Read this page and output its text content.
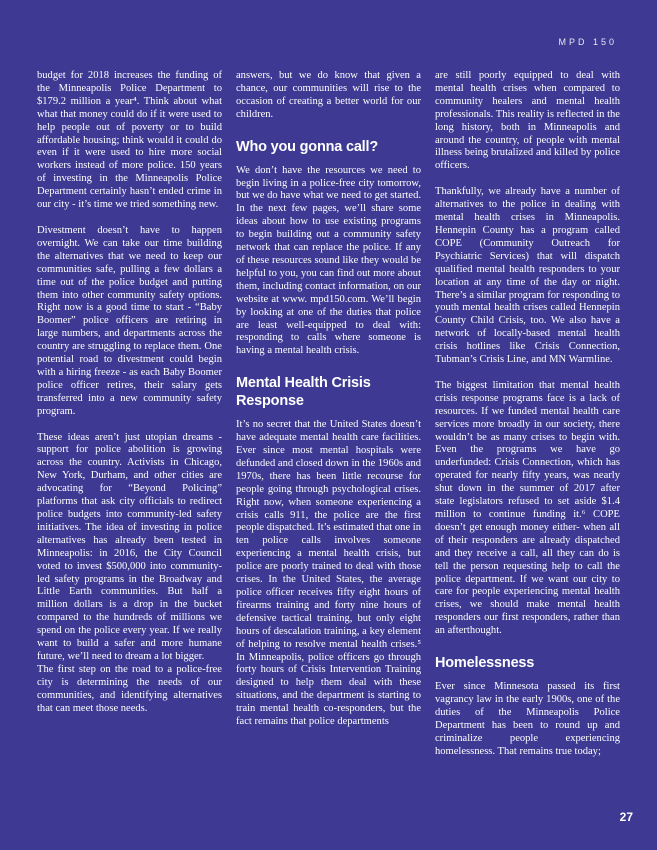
MPD 150

budget for 2018 increases the funding of the Minneapolis Police Department to $179.2 million a year⁴. Think about what what that money could do if it were used to help people out of poverty or to build affordable housing; think would it could do even if it were used to hire more social workers instead of more police. 150 years of investing in the Minneapolis Police Department certainly hasn’t ended crime in our city - it’s time we tried something new.

Divestment doesn’t have to happen overnight. We can take our time building the alternatives that we need to keep our communities safe, pulling a few dollars a time out of the police budget and putting them into other community safety options. Right now is a good time to start - “Baby Boomer” police officers are retiring in large numbers, and departments across the country are struggling to replace them. One potential road to divestment could begin with a hiring freeze - as each Baby Boomer police officer retires, their salary gets transferred into a new community safety program.

These ideas aren’t just utopian dreams - support for police abolition is growing across the country. Activists in Chicago, New York, Durham, and other cities are advocating for “Beyond Policing” platforms that ask city officials to redirect police budgets into community-led safety initiatives. The idea of investing in police alternatives has already been tested in Minneapolis: in 2016, the City Council voted to invest $500,000 into community-led safety programs in the Broadway and Little Earth communities. But half a million dollars is a drop in the bucket compared to the hundreds of millions we spend on the police every year. If we really want to build a safer and more humane future, we’ll need to dream a lot bigger.

The first step on the road to a police-free city is determining the needs of our communities, and identifying alternatives that can meet those needs.

answers, but we do know that given a chance, our communities will rise to the occasion of creating a better world for our children.

Who you gonna call?

We don’t have the resources we need to begin living in a police-free city tomorrow, but we do have what we need to get started. In the next few pages, we’ll share some ideas about how to use existing programs to begin building out a community safety network that can replace the police. If any of these resources sound like they would be helpful to you, you can find out more about them, including contact information, on our website at www. mpd150.com. We’ll begin by looking at one of the duties that police are least well-equipped to deal with: responding to calls where someone is having a mental health crisis.

Mental Health Crisis Response

It’s no secret that the United States doesn’t have adequate mental health care facilities. Ever since most mental hospitals were defunded and closed down in the 1960s and 1970s, there has been little recourse for people going through psychological crises. Right now, when someone experiencing a crisis calls 911, the police are the first people dispatched. It’s estimated that one in ten police calls involves someone experiencing a mental health crisis, but police are poorly trained to deal with those crises. In the United States, the average police officer receives fifty eight hours of firearms training and forty nine hours of defensive tactical training, but only eight hours of descalation training, a key element of helping to resolve mental health crises.⁵ In Minneapolis, police officers go through forty hours of Crisis Intervention Training designed to help them deal with these situations, and the department is starting to train mental health co-responders, but the fact remains that police departments

are still poorly equipped to deal with mental health crises when compared to community healers and mental health professionals. This reality is reflected in the long history, both in Minneapolis and around the country, of people with mental illness being brutalized and killed by police officers.

Thankfully, we already have a number of alternatives to the police in dealing with mental health crises in Minneapolis. Hennepin County has a program called COPE (Community Outreach for Psychiatric Services) that will dispatch qualified mental health responders to your location at any time of the day or night. There’s a similar program for responding to youth mental health crises called Hennepin County Child Crisis, too. We also have a network of locally-based mental health crisis hotlines like Crisis Connection, Tubman’s Crisis Line, and MN Warmline.

The biggest limitation that mental health crisis response programs face is a lack of resources. If we funded mental health care services more broadly in our society, there wouldn’t be as many crises to begin with. Even the programs we have go underfunded: Crisis Connection, which has operated for nearly fifty years, was nearly shut down in the summer of 2017 after state legislators refused to set aside $1.4 million to continue funding it.⁶ COPE doesn’t get enough money either- when all of their responders are already dispatched and they receive a call, all they can do is tell the person requesting help to call the police department. If we want our city to care for people experiencing mental health crises, we should make mental health responders our first responders, rather than an afterthought.

Homelessness

Ever since Minnesota passed its first vagrancy law in the early 1900s, one of the duties of the Minneapolis Police Department has been to round up and criminalize people experiencing homelessness. That remains true today;

27
